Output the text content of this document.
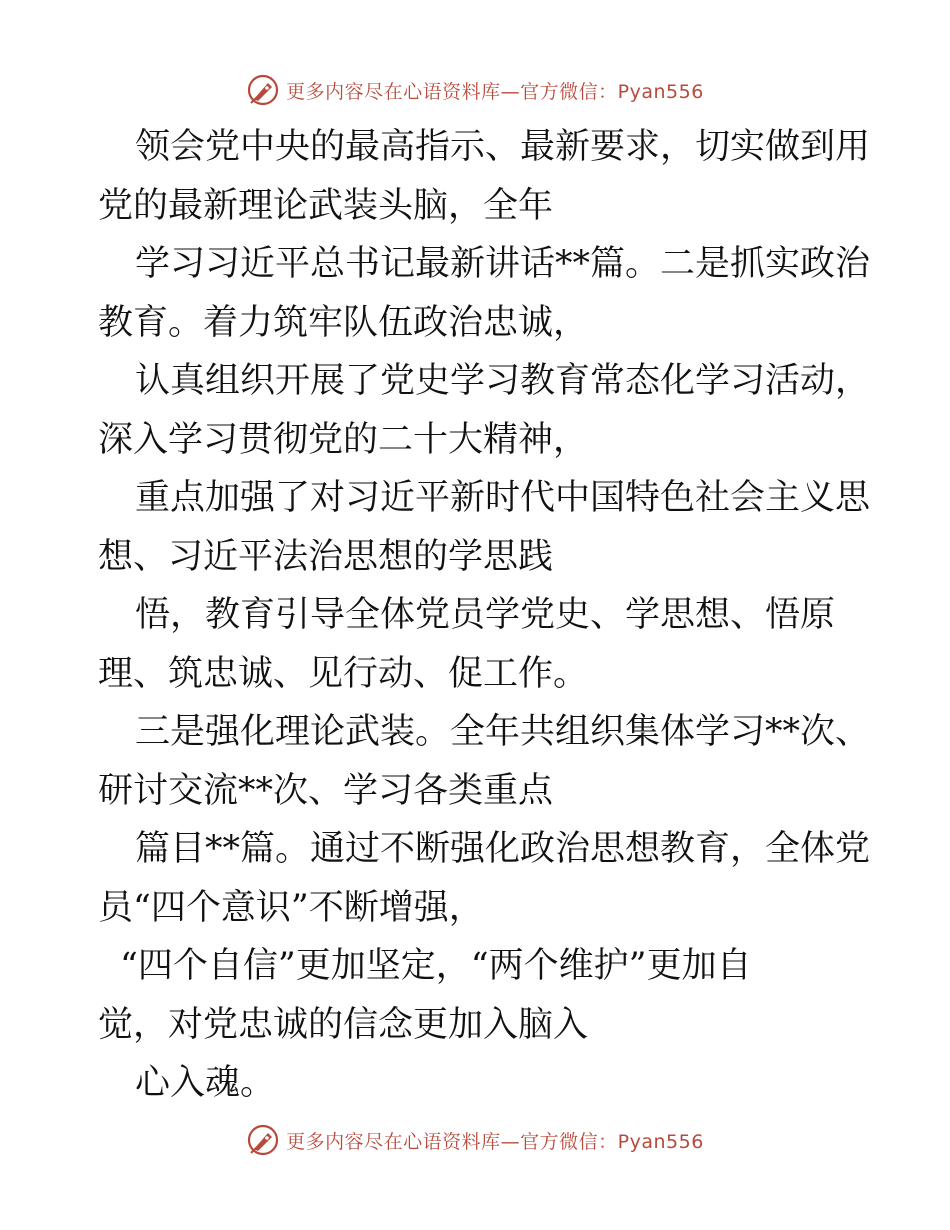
更多内容尽在心语资料库—官方微信：Pyan556
领会党中央的最高指示、最新要求，切实做到用
党的最新理论武装头脑，全年
学习习近平总书记最新讲话**篇。二是抓实政治
教育。着力筑牢队伍政治忠诚，
认真组织开展了党史学习教育常态化学习活动，
深入学习贯彻党的二十大精神，
重点加强了对习近平新时代中国特色社会主义思
想、习近平法治思想的学思践
悟，教育引导全体党员学党史、学思想、悟原
理、筑忠诚、见行动、促工作。
三是强化理论武装。全年共组织集体学习**次、
研讨交流**次、学习各类重点
篇目**篇。通过不断强化政治思想教育，全体党
员“四个意识”不断增强，
“四个自信”更加坚定，“两个维护”更加自
觉，对党忠诚的信念更加入脑入
心入魂。
更多内容尽在心语资料库—官方微信：Pyan556
